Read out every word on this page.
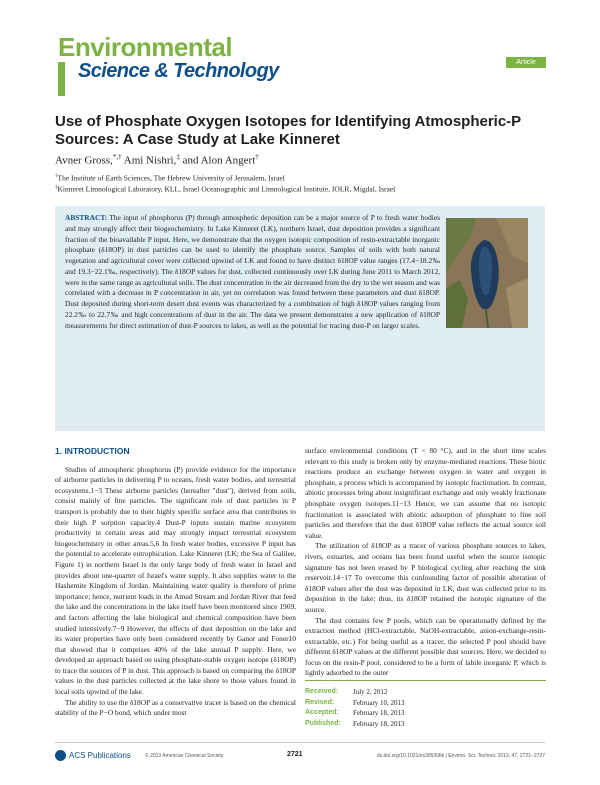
Environmental
Science & Technology	Article
Use of Phosphate Oxygen Isotopes for Identifying Atmospheric-P Sources: A Case Study at Lake Kinneret
Avner Gross,*,† Ami Nishri,‡ and Alon Angert†
†The Institute of Earth Sciences, The Hebrew University of Jerusalem, Israel
‡Kinneret Limnological Laboratory, KLL, Israel Oceanographic and Limnological Institute, IOLR, Migdal, Israel
ABSTRACT: The input of phosphorus (P) through atmospheric deposition can be a major source of P to fresh water bodies and may strongly affect their biogeochemistry. In Lake Kinneret (LK), northern Israel, dust deposition provides a significant fraction of the bioavailable P input. Here, we demonstrate that the oxygen isotopic composition of resin-extractable inorganic phosphate (δ18OP) in dust particles can be used to identify the phosphate source. Samples of soils with both natural vegetation and agricultural cover were collected upwind of LK and found to have distinct δ18OP value ranges (17.4−18.2‰ and 19.3−22.1‰, respectively). The δ18OP values for dust, collected continuously over LK during June 2011 to March 2012, were in the same range as agricultural soils. The dust concentration in the air decreased from the dry to the wet season and was correlated with a decrease in P concentration in air, yet no correlation was found between these parameters and dust δ18OP. Dust deposited during short-term desert dust events was characterized by a combination of high δ18OP values ranging from 22.2‰ to 22.7‰ and high concentrations of dust in the air. The data we present demonstrates a new application of δ18OP measurements for direct estimation of dust-P sources to lakes, as well as the potential for tracing dust-P on larger scales.
1. INTRODUCTION

Studies of atmospheric phosphorus (P) provide evidence for the importance of airborne particles in delivering P to oceans, fresh water bodies, and terrestrial ecosystems.1−3 These airborne particles (hereafter "dust"), derived from soils, consist mainly of fine particles. The significant role of dust particles in P transport is probably due to their highly specific surface area that contributes to their high P sorption capacity.4 Dust-P inputs sustain marine ecosystem productivity in certain areas and may strongly impact terrestrial ecosystem biogeochemistry in other areas.5,6 In fresh water bodies, excessive P input has the potential to accelerate eutrophication. Lake Kinneret (LK; the Sea of Galilee, Figure 1) in northern Israel is the only large body of fresh water in Israel and provides about one-quarter of Israel's water supply. It also supplies water to the Hashemite Kingdom of Jordan. Maintaining water quality is therefore of prime importance; hence, nutrient loads in the Amud Stream and Jordan River that feed the lake and the concentrations in the lake itself have been monitored since 1969, and factors affecting the lake biological and chemical composition have been studied intensively.7−9 However, the effects of dust deposition on the lake and its water properties have only been considered recently by Ganor and Foner10 that showed that it comprises 40% of the lake annual P supply. Here, we developed an approach based on using phosphate-stable oxygen isotope (δ18OP) to trace the sources of P in dust. This approach is based on comparing the δ18OP values in the dust particles collected at the lake shore to those values found in local soils upwind of the lake.

The ability to use the δ18OP as a conservative tracer is based on the chemical stability of the P−O bond, which under most

surface environmental conditions (T < 80 °C), and in the short time scales relevant to this study is broken only by enzyme-mediated reactions. These biotic reactions produce an exchange between oxygen in water and oxygen in phosphate, a process which is accompanied by isotopic fractionation. In contrast, abiotic processes bring about insignificant exchange and only weakly fractionate phosphate oxygen isotopes.11−13 Hence, we can assume that no isotopic fractionation is associated with abiotic adsorption of phosphate to fine soil particles and therefore that the dust δ18OP value reflects the actual source soil value.

The utilization of δ18OP as a tracer of various phosphate sources to lakes, rivers, estuaries, and oceans has been found useful when the source isotopic signature has not been erased by P biological cycling after reaching the sink reservoir.14−17 To overcome this confounding factor of possible alteration of δ18OP values after the dust was deposited in LK, dust was collected prior to its deposition in the lake; thus, its δ18OP retained the isotopic signature of the source.

The dust contains few P pools, which can be operationally defined by the extraction method (HCl-extractable, NaOH-extractable, anion-exchange-resin-extractable, etc.) For being useful as a tracer, the selected P pool should have different δ18OP values at the different possible dust sources. Here, we decided to focus on the resin-P pool, considered to be a form of labile inorganic P, which is lightly adsorbed to the outer

Received:	July 2, 2012
Revised:	February 10, 2013
Accepted:	February 18, 2013
Published:	February 18, 2013
ACS Publications	© 2013 American Chemical Society	2721	dx.doi.org/10.1021/es305306k | Environ. Sci. Technol. 2013, 47, 2721−2727
